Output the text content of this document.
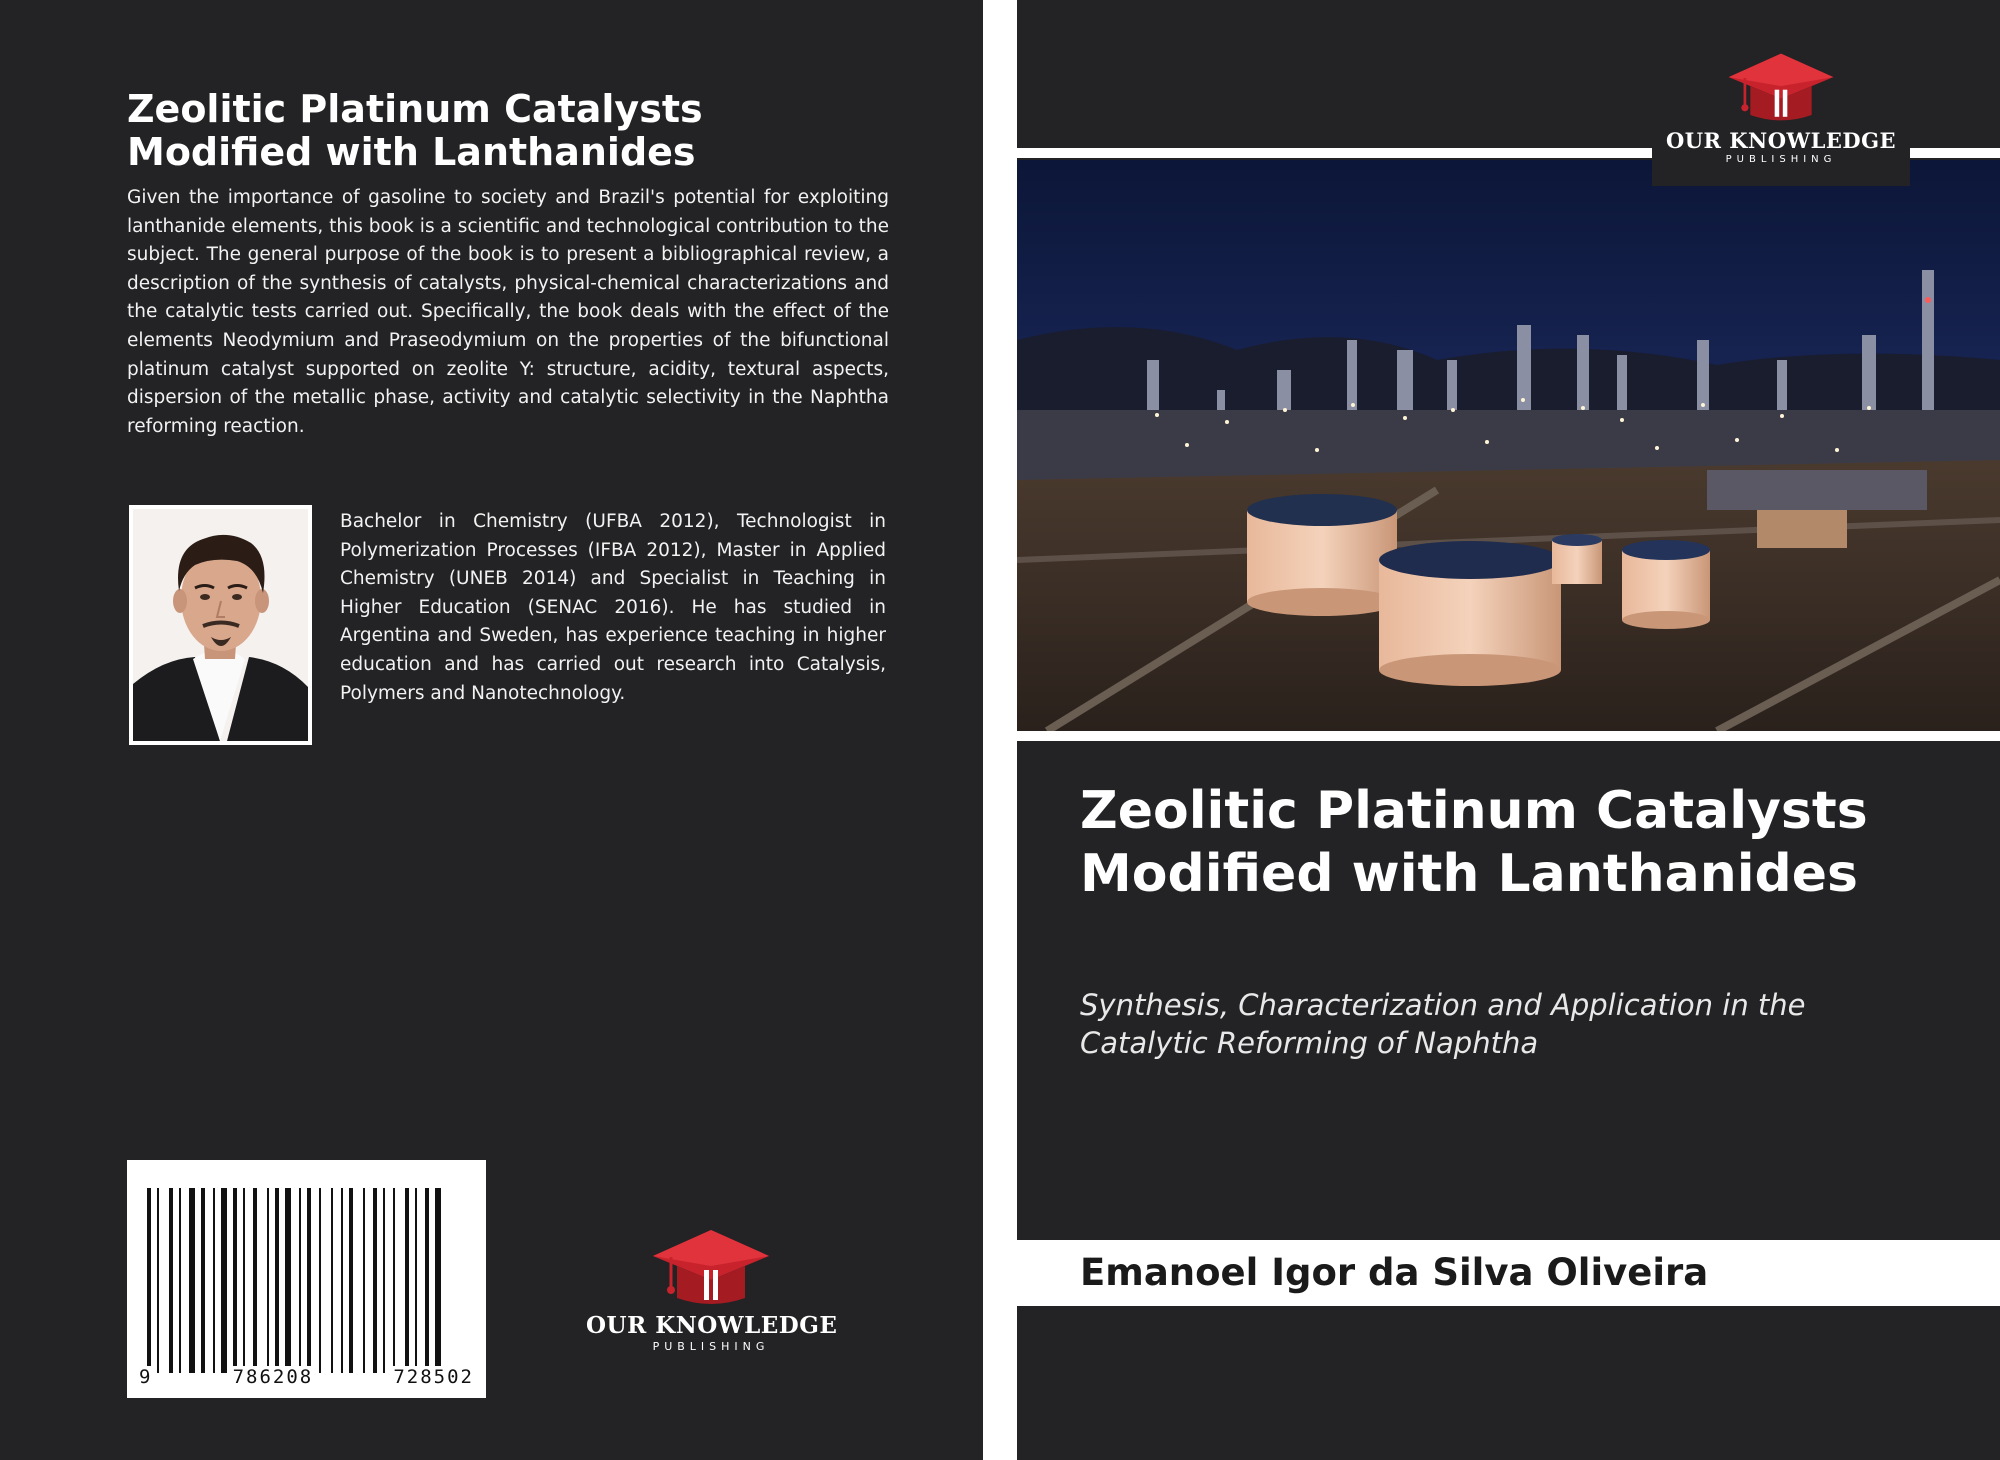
Zeolitic Platinum Catalysts Modified with Lanthanides

Given the importance of gasoline to society and Brazil's potential for exploiting lanthanide elements, this book is a scientific and technological contribution to the subject. The general purpose of the book is to present a bibliographical review, a description of the synthesis of catalysts, physical-chemical characterizations and the catalytic tests carried out. Specifically, the book deals with the effect of the elements Neodymium and Praseodymium on the properties of the bifunctional platinum catalyst supported on zeolite Y: structure, acidity, textural aspects, dispersion of the metallic phase, activity and catalytic selectivity in the Naphtha reforming reaction.

Bachelor in Chemistry (UFBA 2012), Technologist in Polymerization Processes (IFBA 2012), Master in Applied Chemistry (UNEB 2014) and Specialist in Teaching in Higher Education (SENAC 2016). He has studied in Argentina and Sweden, has experience teaching in higher education and has carried out research into Catalysis, Polymers and Nanotechnology.

9	786208	728502
OUR KNOWLEDGE
PUBLISHING
OUR KNOWLEDGE
PUBLISHING
Zeolitic Platinum Catalysts Modified with Lanthanides
Synthesis, Characterization and Application in the Catalytic Reforming of Naphtha
Emanoel Igor da Silva Oliveira
